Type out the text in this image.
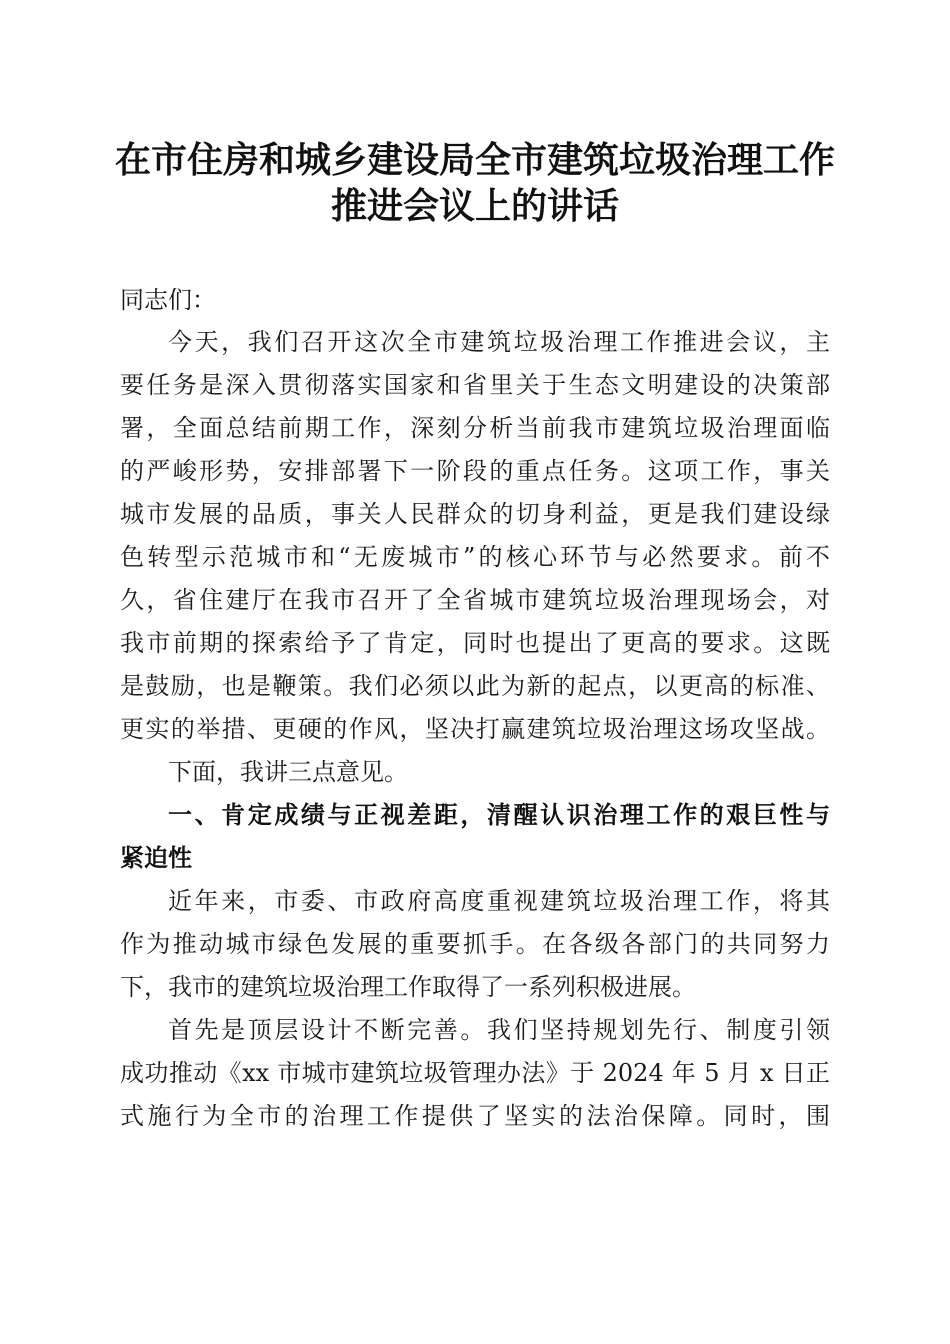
在市住房和城乡建设局全市建筑垃圾治理工作
推进会议上的讲话
同志们：
今天，我们召开这次全市建筑垃圾治理工作推进会议，主
要任务是深入贯彻落实国家和省里关于生态文明建设的决策部
署，全面总结前期工作，深刻分析当前我市建筑垃圾治理面临
的严峻形势，安排部署下一阶段的重点任务。这项工作，事关
城市发展的品质，事关人民群众的切身利益，更是我们建设绿
色转型示范城市和“无废城市”的核心环节与必然要求。前不
久，省住建厅在我市召开了全省城市建筑垃圾治理现场会，对
我市前期的探索给予了肯定，同时也提出了更高的要求。这既
是鼓励，也是鞭策。我们必须以此为新的起点，以更高的标准、
更实的举措、更硬的作风，坚决打赢建筑垃圾治理这场攻坚战。
下面，我讲三点意见。
一、肯定成绩与正视差距，清醒认识治理工作的艰巨性与
紧迫性
近年来，市委、市政府高度重视建筑垃圾治理工作，将其
作为推动城市绿色发展的重要抓手。在各级各部门的共同努力
下，我市的建筑垃圾治理工作取得了一系列积极进展。
首先是顶层设计不断完善。我们坚持规划先行、制度引领
成功推动《xx 市城市建筑垃圾管理办法》于 2024 年 5 月 x 日正
式施行为全市的治理工作提供了坚实的法治保障。同时，围
